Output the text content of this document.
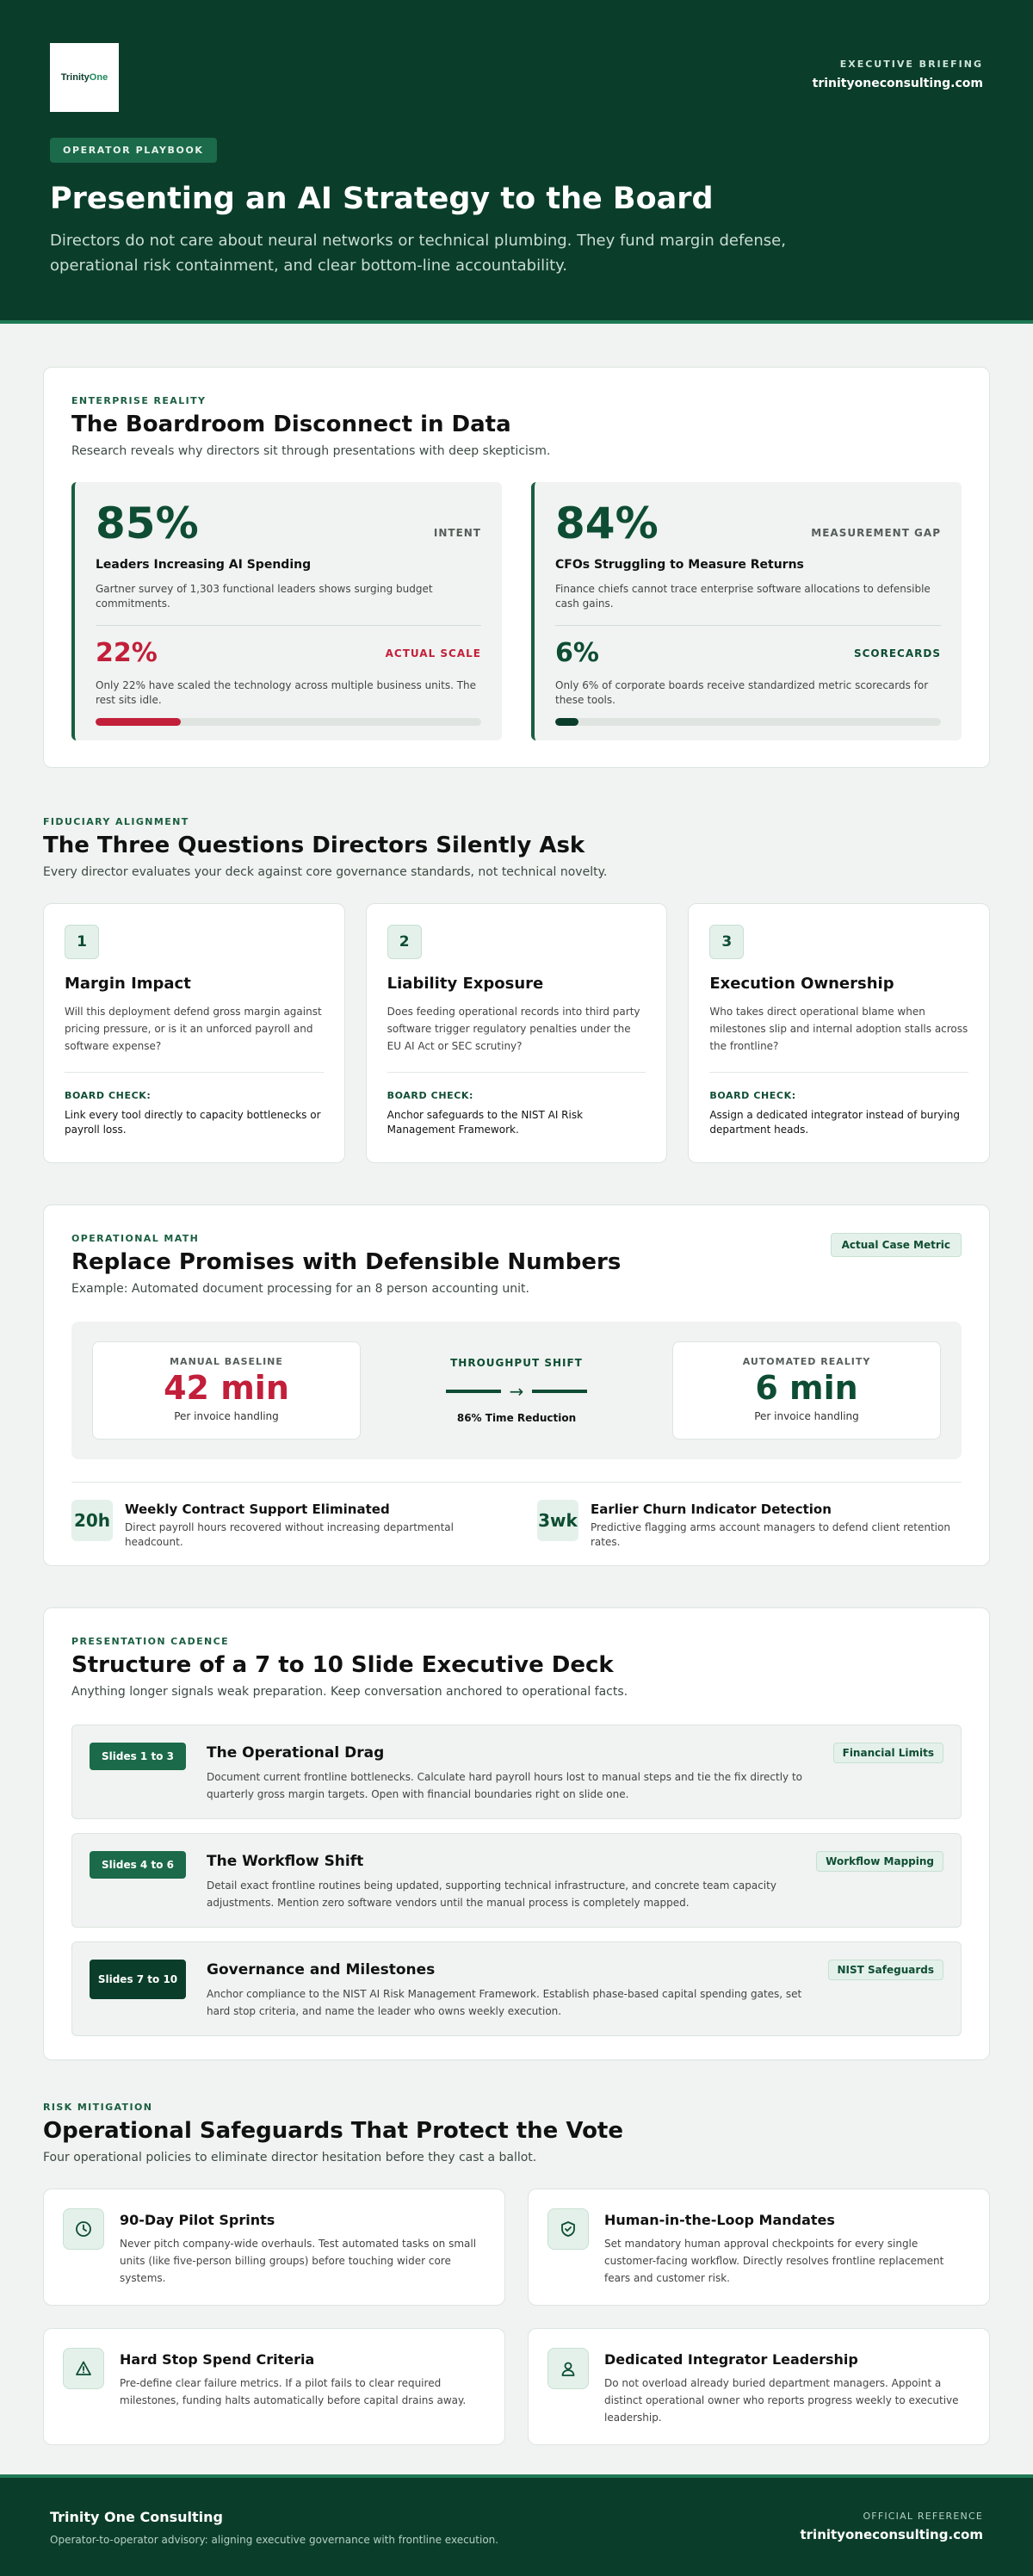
Trinity One
EXECUTIVE BRIEFING
trinityoneconsulting.com
OPERATOR PLAYBOOK
Presenting an AI Strategy to the Board
Directors do not care about neural networks or technical plumbing. They fund margin defense, operational risk containment, and clear bottom-line accountability.
ENTERPRISE REALITY
The Boardroom Disconnect in Data
Research reveals why directors sit through presentations with deep skepticism.
85%	INTENT
Leaders Increasing AI Spending
Gartner survey of 1,303 functional leaders shows surging budget commitments.
22%	ACTUAL SCALE
Only 22% have scaled the technology across multiple business units. The rest sits idle.
84%	MEASUREMENT GAP
CFOs Struggling to Measure Returns
Finance chiefs cannot trace enterprise software allocations to defensible cash gains.
6%	SCORECARDS
Only 6% of corporate boards receive standardized metric scorecards for these tools.
FIDUCIARY ALIGNMENT
The Three Questions Directors Silently Ask
Every director evaluates your deck against core governance standards, not technical novelty.
1
Margin Impact
Will this deployment defend gross margin against pricing pressure, or is it an unforced payroll and software expense?
BOARD CHECK:
Link every tool directly to capacity bottlenecks or payroll loss.
2
Liability Exposure
Does feeding operational records into third party software trigger regulatory penalties under the EU AI Act or SEC scrutiny?
BOARD CHECK:
Anchor safeguards to the NIST AI Risk Management Framework.
3
Execution Ownership
Who takes direct operational blame when milestones slip and internal adoption stalls across the frontline?
BOARD CHECK:
Assign a dedicated integrator instead of burying department heads.
Actual Case Metric
OPERATIONAL MATH
Replace Promises with Defensible Numbers
Example: Automated document processing for an 8 person accounting unit.
MANUAL BASELINE
42 min
Per invoice handling
THROUGHPUT SHIFT
→
86% Time Reduction
AUTOMATED REALITY
6 min
Per invoice handling
20h
Weekly Contract Support Eliminated
Direct payroll hours recovered without increasing departmental headcount.
3wk
Earlier Churn Indicator Detection
Predictive flagging arms account managers to defend client retention rates.
PRESENTATION CADENCE
Structure of a 7 to 10 Slide Executive Deck
Anything longer signals weak preparation. Keep conversation anchored to operational facts.
Slides 1 to 3	The Operational Drag
Document current frontline bottlenecks. Calculate hard payroll hours lost to manual steps and tie the fix directly to quarterly gross margin targets. Open with financial boundaries right on slide one.
Financial Limits
Slides 4 to 6	The Workflow Shift
Detail exact frontline routines being updated, supporting technical infrastructure, and concrete team capacity adjustments. Mention zero software vendors until the manual process is completely mapped.
Workflow Mapping
Slides 7 to 10
Governance and Milestones
Anchor compliance to the NIST AI Risk Management Framework. Establish phase-based capital spending gates, set hard stop criteria, and name the leader who owns weekly execution.
NIST Safeguards
RISK MITIGATION
Operational Safeguards That Protect the Vote
Four operational policies to eliminate director hesitation before they cast a ballot.
90-Day Pilot Sprints
Never pitch company-wide overhauls. Test automated tasks on small units (like five-person billing groups) before touching wider core systems.
Human-in-the-Loop Mandates
Set mandatory human approval checkpoints for every single customer-facing workflow. Directly resolves frontline replacement fears and customer risk.
Hard Stop Spend Criteria
Pre-define clear failure metrics. If a pilot fails to clear required milestones, funding halts automatically before capital drains away.
Dedicated Integrator Leadership
Do not overload already buried department managers. Appoint a distinct operational owner who reports progress weekly to executive leadership.
Trinity One Consulting
Operator-to-operator advisory: aligning executive governance with frontline execution.
OFFICIAL REFERENCE
trinityoneconsulting.com
